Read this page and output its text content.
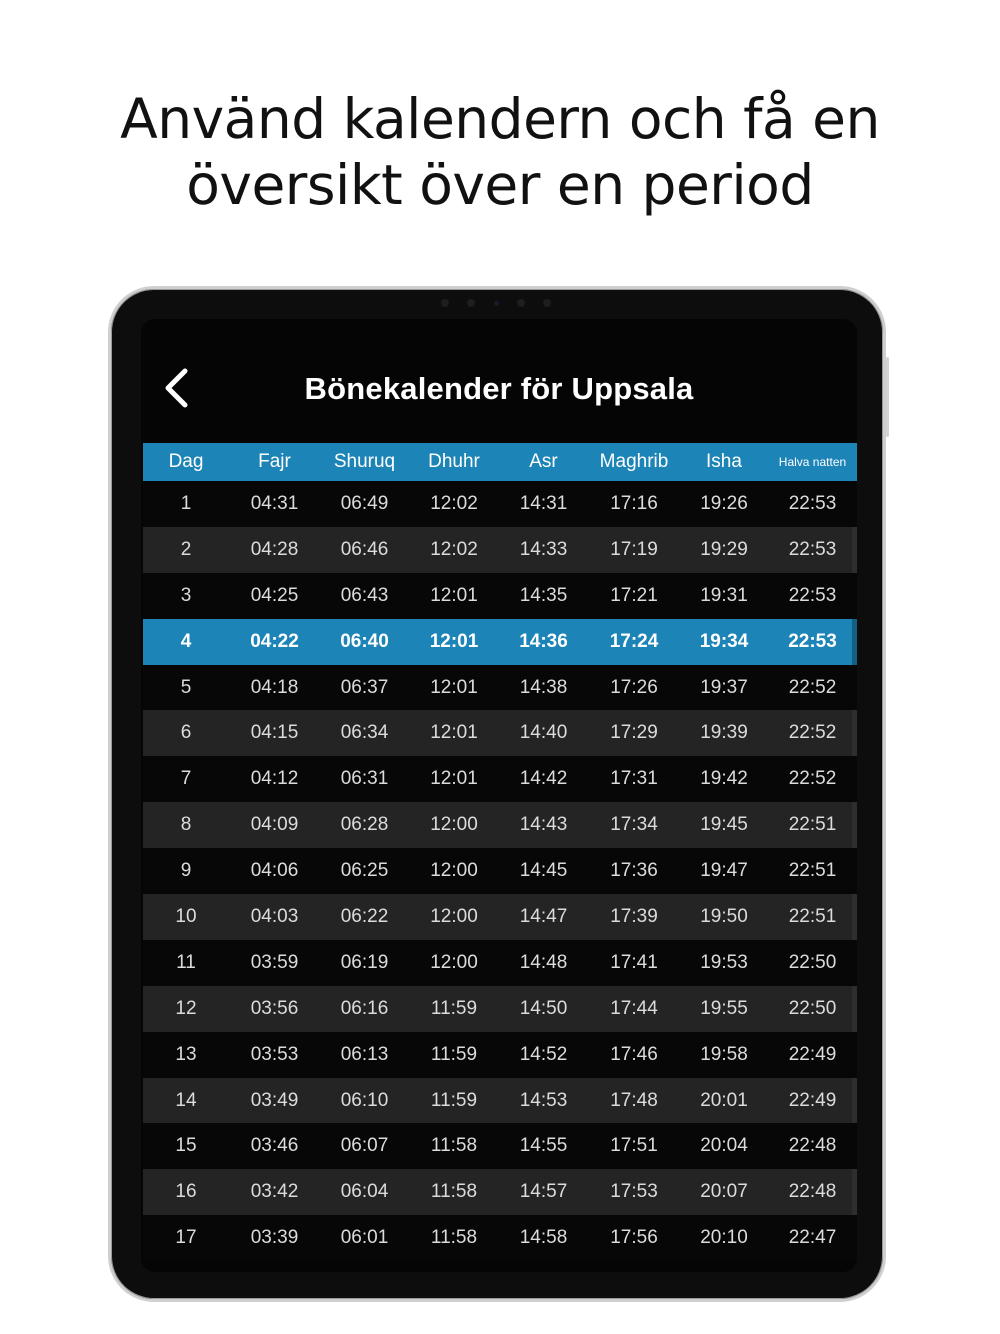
Använd kalendern och få en
översikt över en period
Bönekalender för Uppsala
Dag	Fajr	Shuruq	Dhuhr	Asr	Maghrib	Isha	Halva natten
1	04:31	06:49	12:02	14:31	17:16	19:26	22:53
2	04:28	06:46	12:02	14:33	17:19	19:29	22:53
3	04:25	06:43	12:01	14:35	17:21	19:31	22:53
4	04:22	06:40	12:01	14:36	17:24	19:34	22:53
5	04:18	06:37	12:01	14:38	17:26	19:37	22:52
6	04:15	06:34	12:01	14:40	17:29	19:39	22:52
7	04:12	06:31	12:01	14:42	17:31	19:42	22:52
8	04:09	06:28	12:00	14:43	17:34	19:45	22:51
9	04:06	06:25	12:00	14:45	17:36	19:47	22:51
10	04:03	06:22	12:00	14:47	17:39	19:50	22:51
11	03:59	06:19	12:00	14:48	17:41	19:53	22:50
12	03:56	06:16	11:59	14:50	17:44	19:55	22:50
13	03:53	06:13	11:59	14:52	17:46	19:58	22:49
14	03:49	06:10	11:59	14:53	17:48	20:01	22:49
15	03:46	06:07	11:58	14:55	17:51	20:04	22:48
16	03:42	06:04	11:58	14:57	17:53	20:07	22:48
17	03:39	06:01	11:58	14:58	17:56	20:10	22:47
